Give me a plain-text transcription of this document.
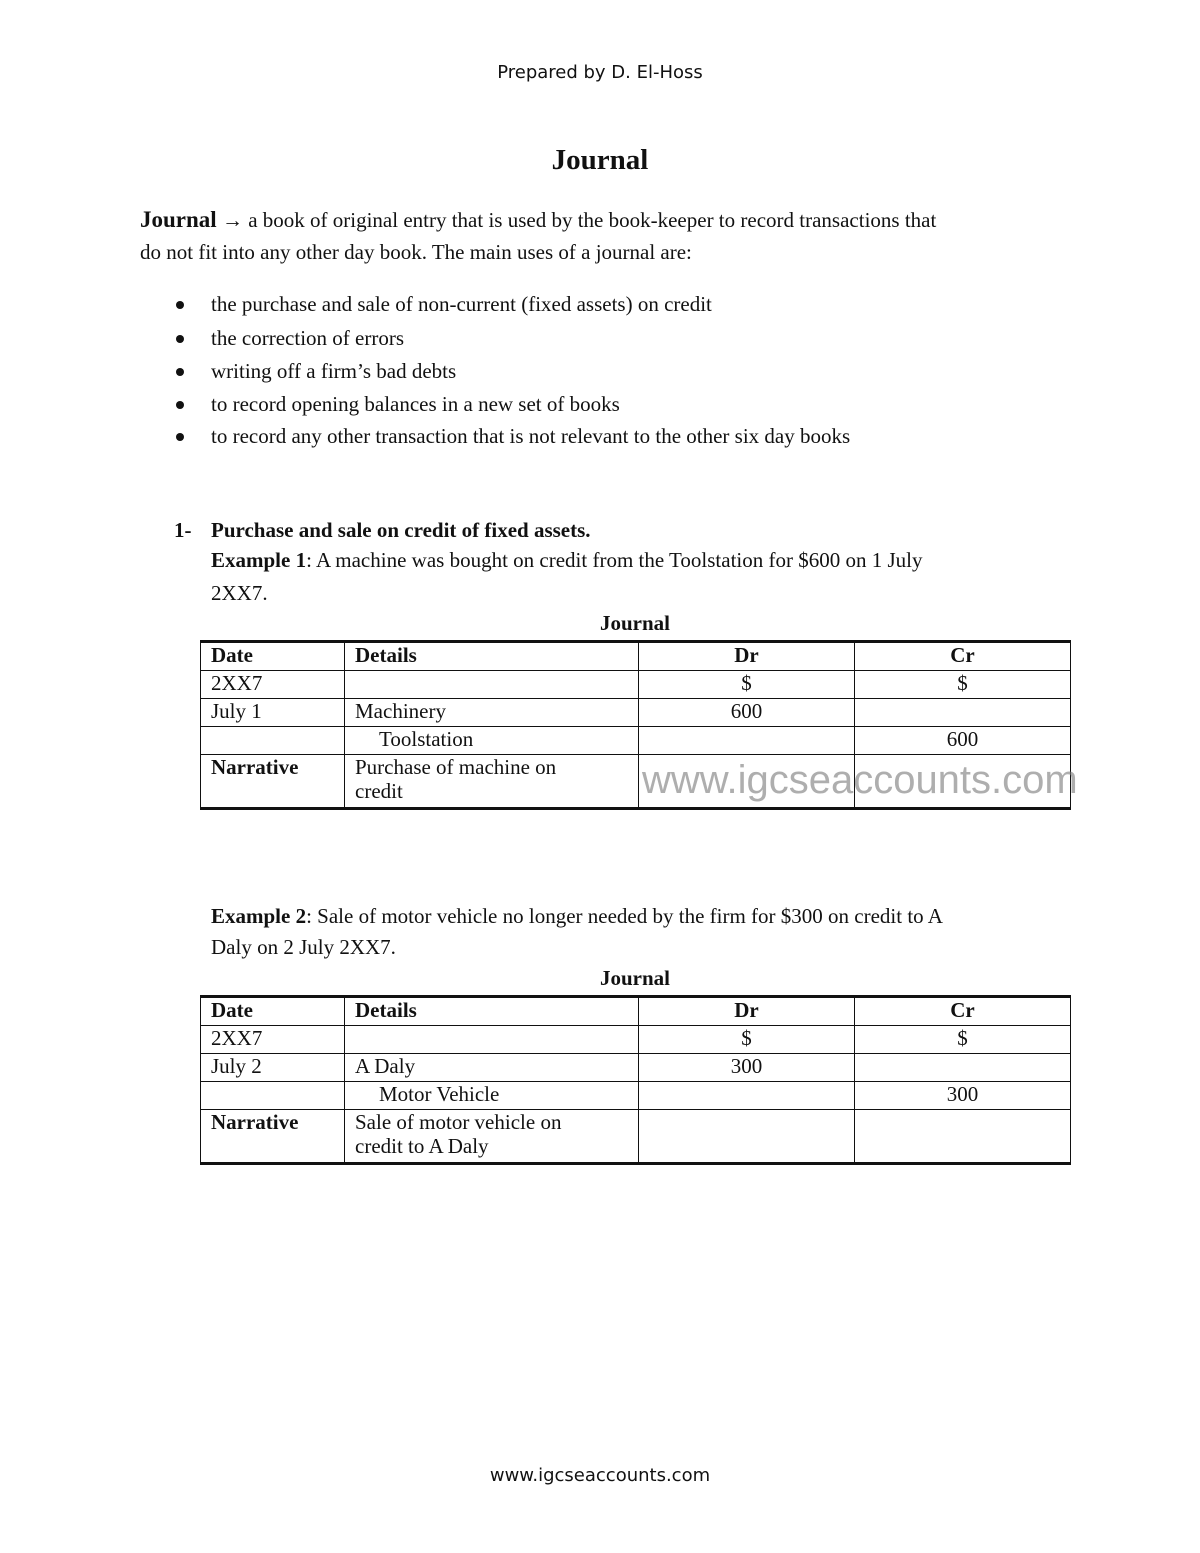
Prepared by D. El-Hoss
Journal
Journal → a book of original entry that is used by the book-keeper to record transactions that
do not fit into any other day book. The main uses of a journal are:
the purchase and sale of non-current (fixed assets) on credit
the correction of errors
writing off a firm’s bad debts
to record opening balances in a new set of books
to record any other transaction that is not relevant to the other six day books
1- Purchase and sale on credit of fixed assets.
Example 1: A machine was bought on credit from the Toolstation for $600 on 1 July
2XX7.
Journal
Date	Details	Dr	Cr
2XX7		$	$
July 1	Machinery	600	
	Toolstation		600
Narrative	Purchase of machine on
credit		
			www.igcseaccounts.com
Example 2: Sale of motor vehicle no longer needed by the firm for $300 on credit to A
Daly on 2 July 2XX7.
Journal
Date	Details	Dr	Cr
2XX7		$	$
July 2	A Daly	300	
	Motor Vehicle		300
Narrative	Sale of motor vehicle on
credit to A Daly		

www.igcseaccounts.com
